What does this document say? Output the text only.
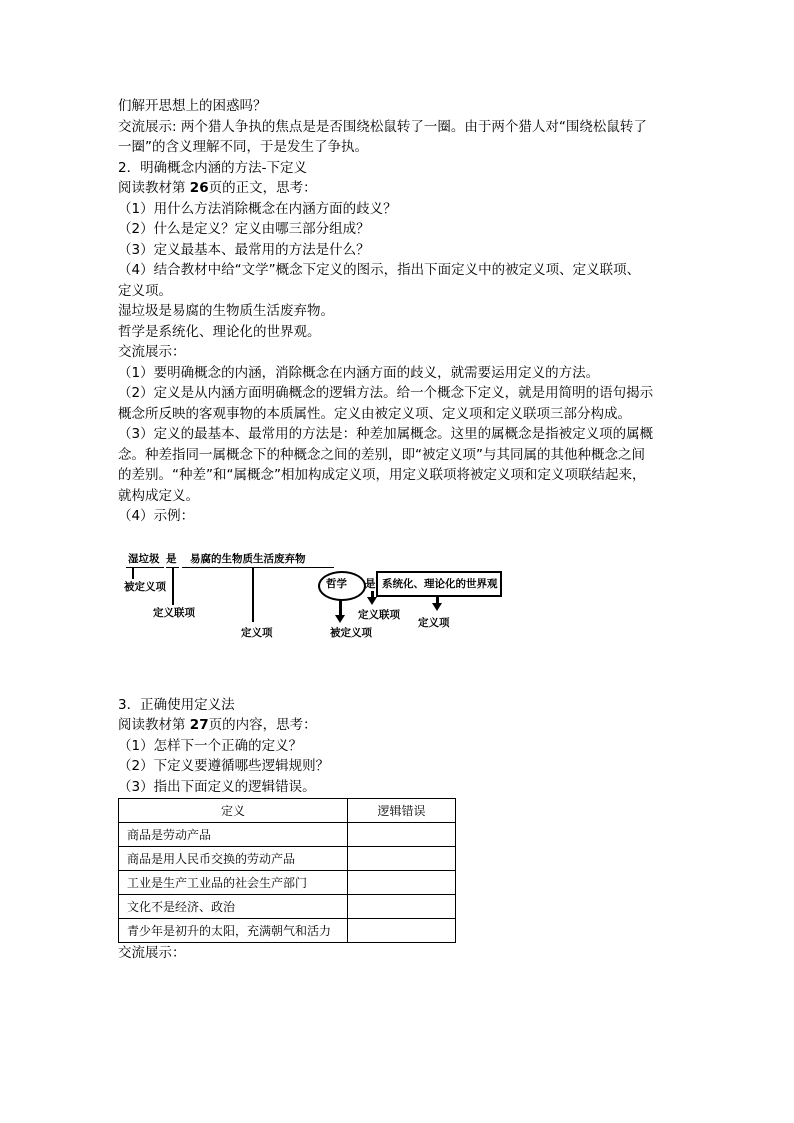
们解开思想上的困惑吗？
交流展示: 两个猎人争执的焦点是是否围绕松鼠转了一圈。由于两个猎人对“围绕松鼠转了
一圈”的含义理解不同，于是发生了争执。
2．明确概念内涵的方法-下定义
阅读教材第 26页的正文，思考：
（1）用什么方法消除概念在内涵方面的歧义？
（2）什么是定义？定义由哪三部分组成？
（3）定义最基本、最常用的方法是什么？
（4）结合教材中给“文学”概念下定义的图示，指出下面定义中的被定义项、定义联项、
定义项。
湿垃圾是易腐的生物质生活废弃物。
哲学是系统化、理论化的世界观。
交流展示：
（1）要明确概念的内涵，消除概念在内涵方面的歧义，就需要运用定义的方法。
（2）定义是从内涵方面明确概念的逻辑方法。给一个概念下定义，就是用简明的语句揭示
概念所反映的客观事物的本质属性。定义由被定义项、定义项和定义联项三部分构成。
（3）定义的最基本、最常用的方法是：种差加属概念。这里的属概念是指被定义项的属概
念。种差指同一属概念下的种概念之间的差别，即“被定义项”与其同属的其他种概念之间
的差别。“种差”和“属概念”相加构成定义项，用定义联项将被定义项和定义项联结起来，
就构成定义。
（4）示例：
湿垃圾 是 易腐的生物质生活废弃物
被定义项
定义联项
定义项
哲学 是 系统化、理论化的世界观
被定义项
定义联项
定义项
3．正确使用定义法
阅读教材第 27页的内容，思考：
（1）怎样下一个正确的定义？
（2）下定义要遵循哪些逻辑规则？
（3）指出下面定义的逻辑错误。
定义	逻辑错误
商品是劳动产品	
商品是用人民币交换的劳动产品	
工业是生产工业品的社会生产部门	
文化不是经济、政治	
青少年是初升的太阳，充满朝气和活力	
交流展示：
